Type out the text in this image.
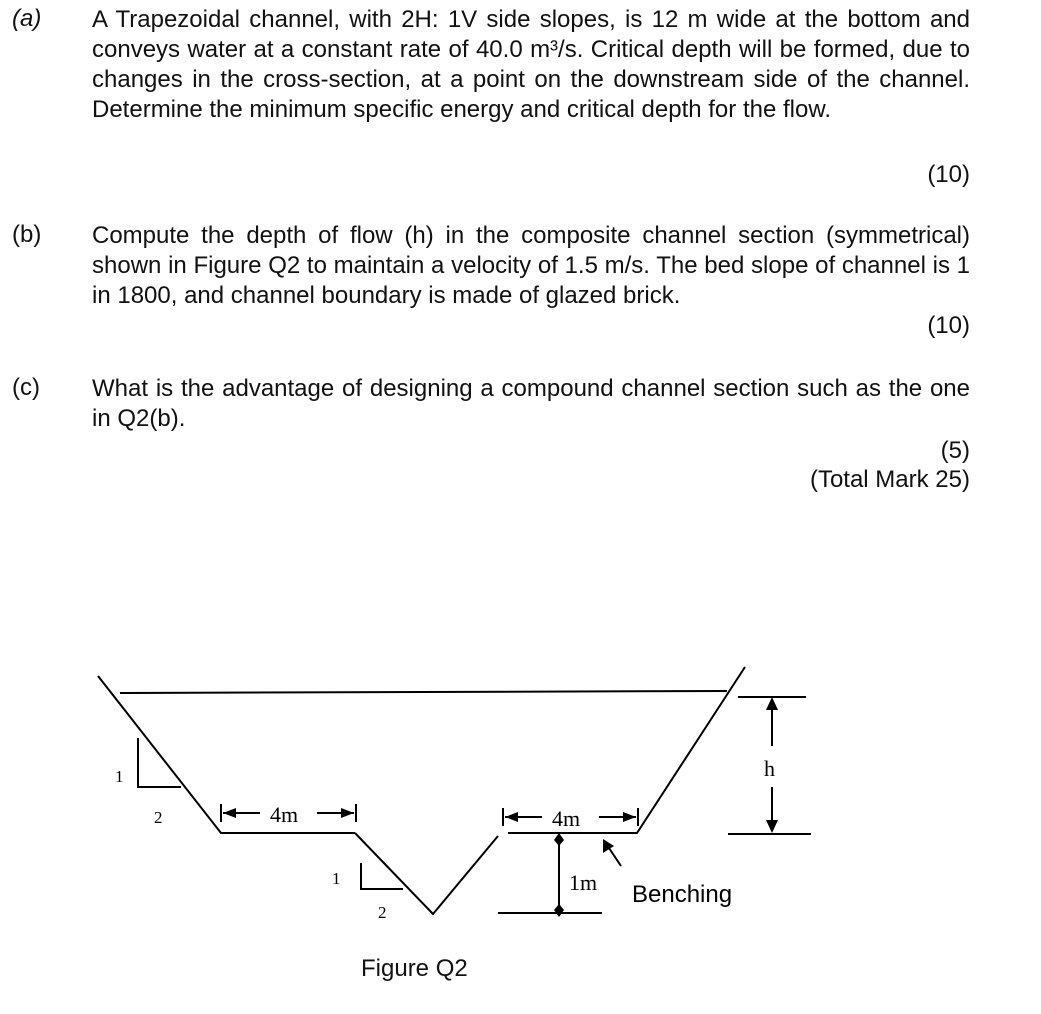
(a) A Trapezoidal channel, with 2H: 1V side slopes, is 12 m wide at the bottom and conveys water at a constant rate of 40.0 m³/s. Critical depth will be formed, due to changes in the cross-section, at a point on the downstream side of the channel. Determine the minimum specific energy and critical depth for the flow.
(10)
(b) Compute the depth of flow (h) in the composite channel section (symmetrical) shown in Figure Q2 to maintain a velocity of 1.5 m/s. The bed slope of channel is 1 in 1800, and channel boundary is made of glazed brick.
(10)
(c) What is the advantage of designing a compound channel section such as the one in Q2(b).
(5)
(Total Mark 25)
1
2
1
2
4m	4m
h
1m Benching
Figure Q2
